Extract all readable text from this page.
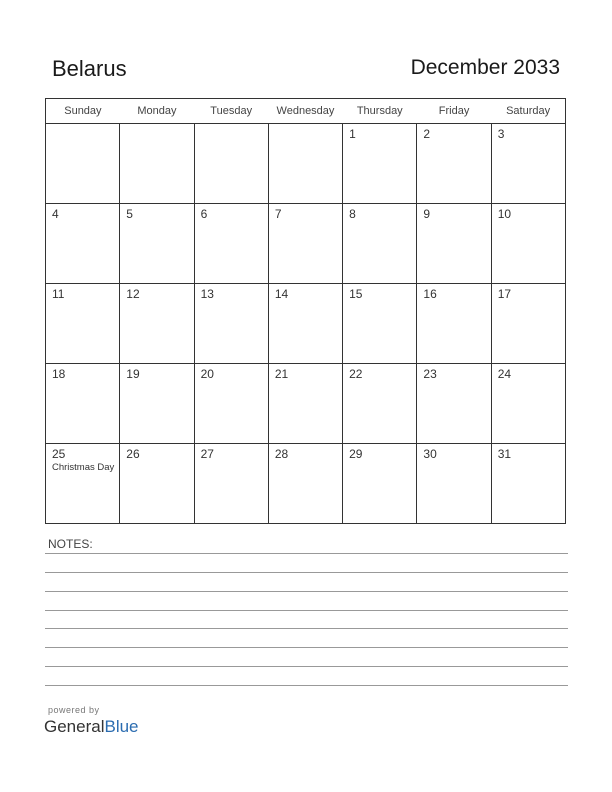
Belarus	December 2033
Sunday	Monday	Tuesday	Wednesday	Thursday	Friday	Saturday

				1	2	3

4	5	6	7	8	9	10

11	12	13	14	15	16	17

18	19	20	21	22	23	24

25
Christmas Day	26	27	28	29	30	31
NOTES:
powered by
GeneralBlue
